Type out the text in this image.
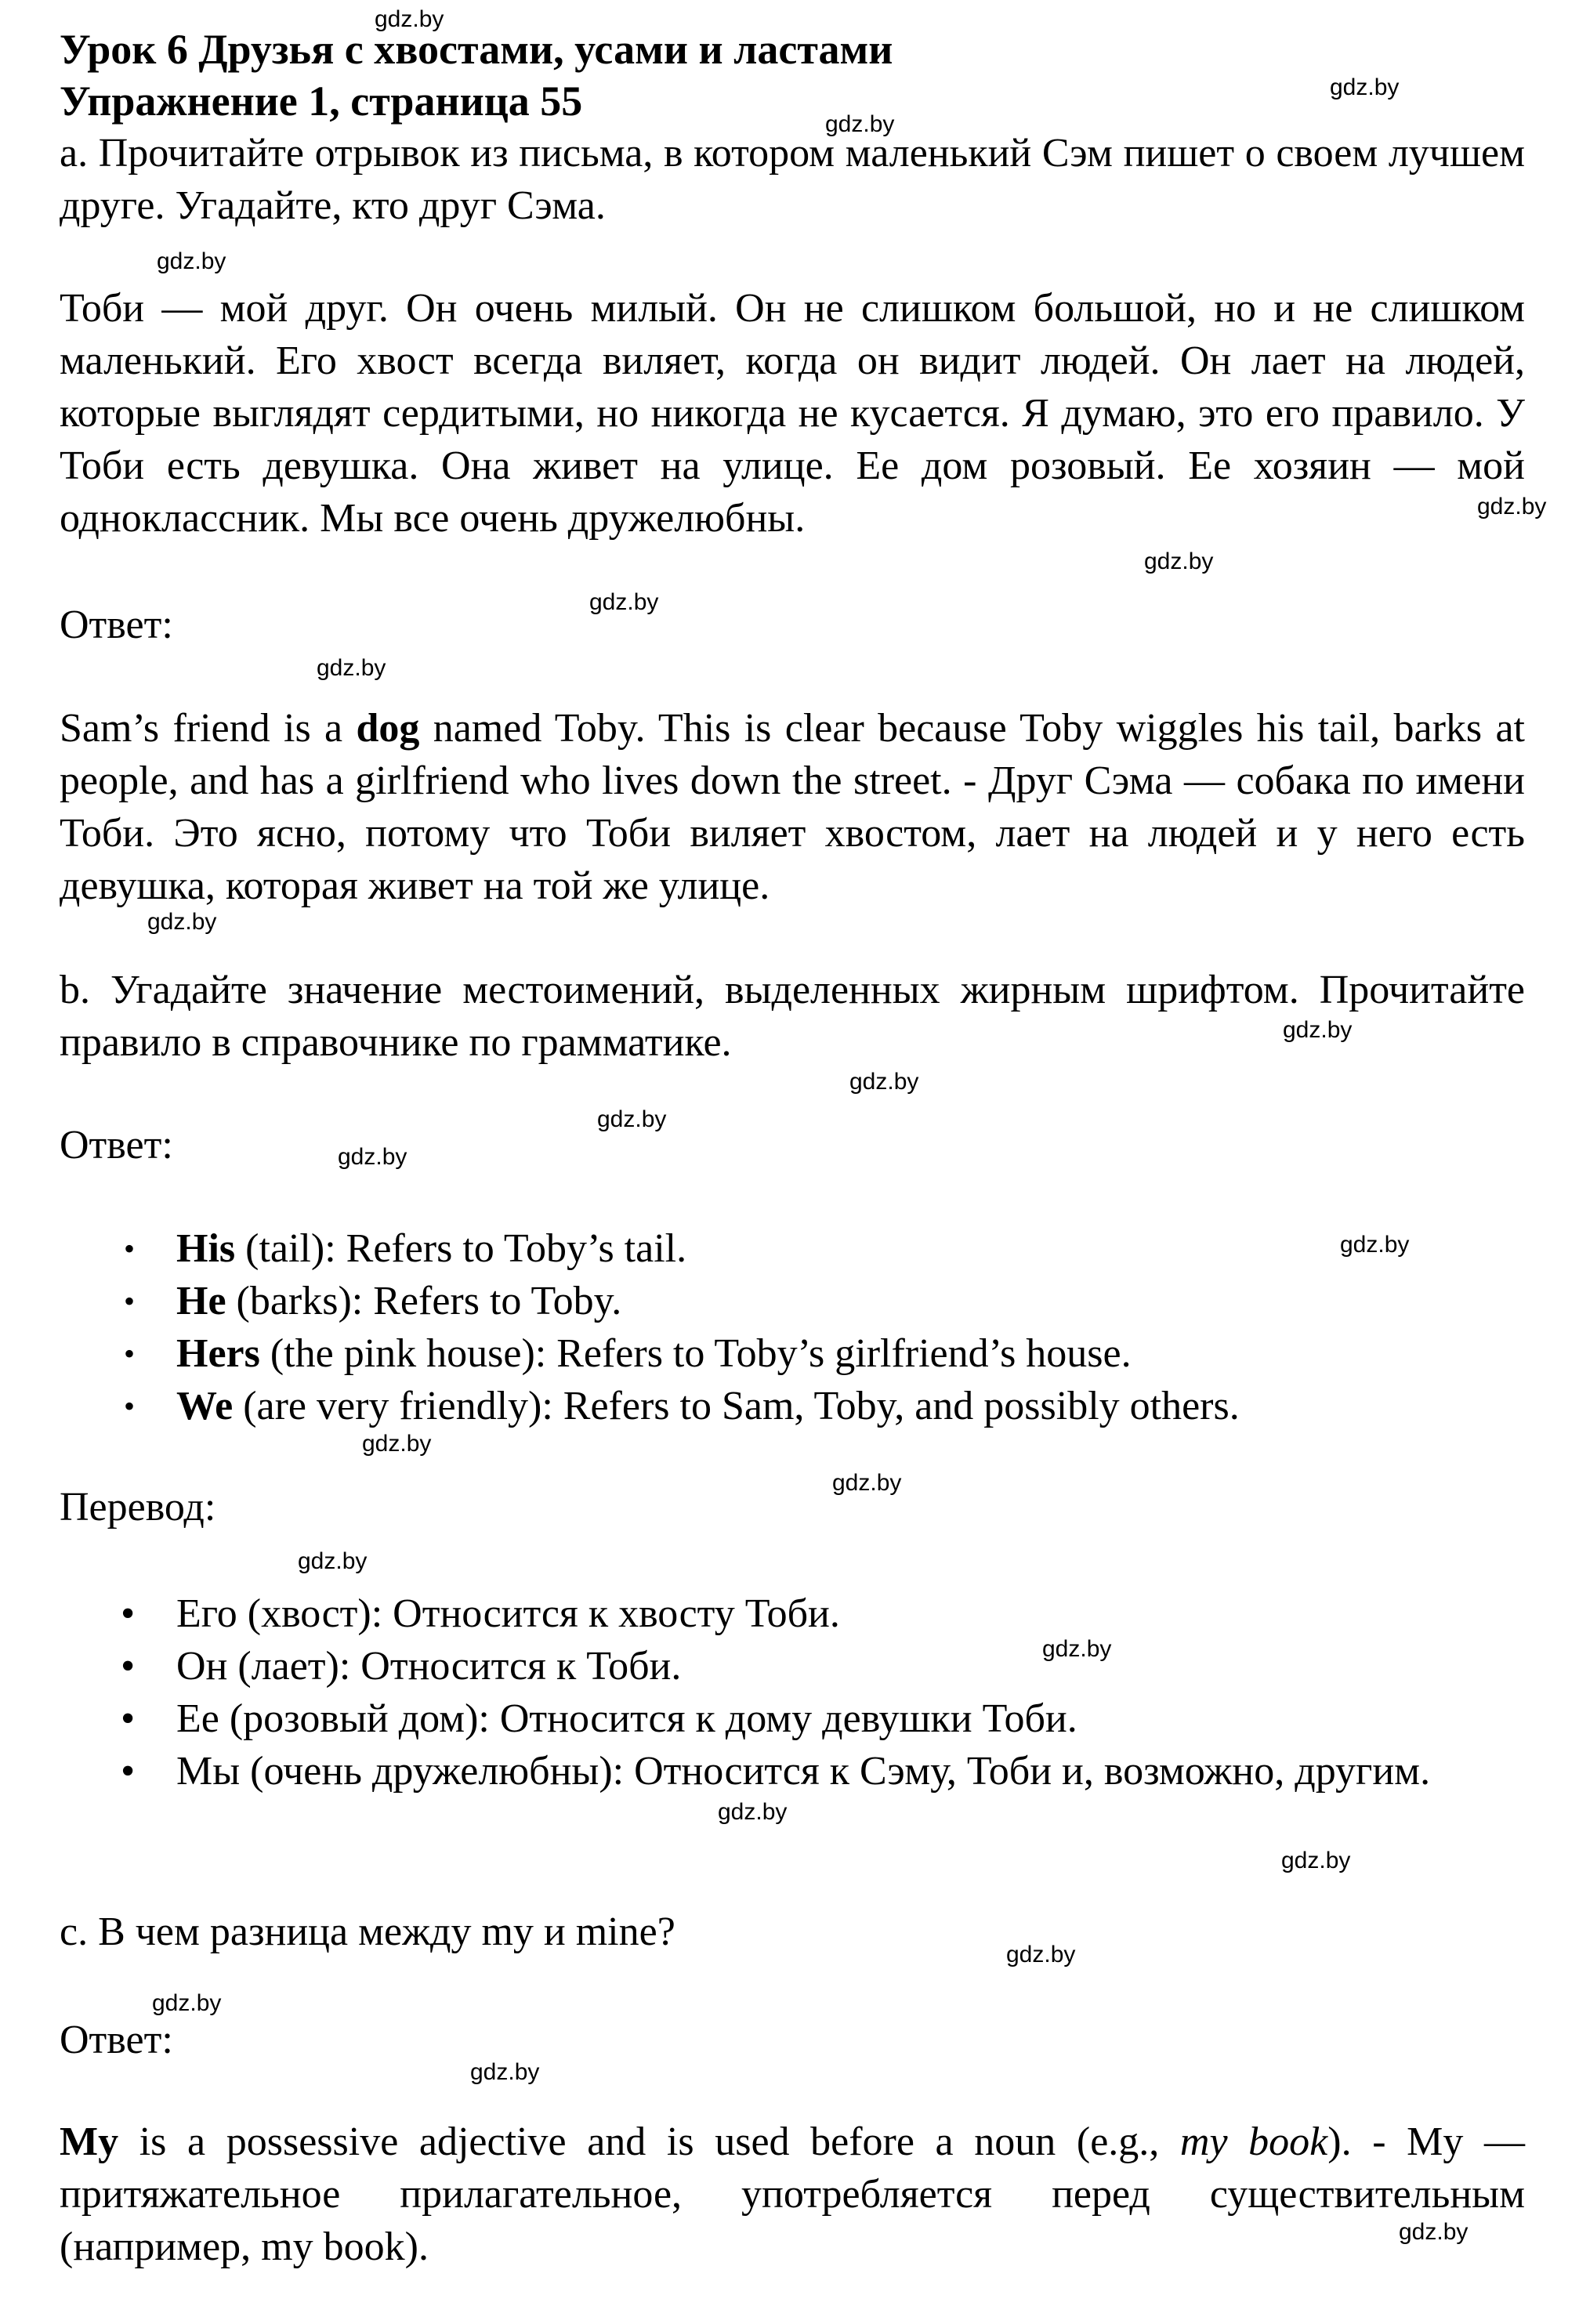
gdz.by
gdz.by
gdz.by
gdz.by
gdz.by
gdz.by
gdz.by
gdz.by
gdz.by
gdz.by
gdz.by
gdz.by
gdz.by
gdz.by
gdz.by
gdz.by
gdz.by
gdz.by
gdz.by
gdz.by
gdz.by
gdz.by
gdz.by
gdz.by
Урок 6 Друзья с хвостами, усами и ластами
Упражнение 1, страница 55

a. Прочитайте отрывок из письма, в котором маленький Сэм пишет о своем лучшем друге. Угадайте, кто друг Сэма.

Тоби — мой друг. Он очень милый. Он не слишком большой, но и не слишком маленький. Его хвост всегда виляет, когда он видит людей. Он лает на людей, которые выглядят сердитыми, но никогда не кусается. Я думаю, это его правило. У Тоби есть девушка. Она живет на улице. Ее дом розовый. Ее хозяин — мой одноклассник. Мы все очень дружелюбны.

Ответ:

Sam’s friend is a dog named Toby. This is clear because Toby wiggles his tail, barks at people, and has a girlfriend who lives down the street. - Друг Сэма — собака по имени Тоби. Это ясно, потому что Тоби виляет хвостом, лает на людей и у него есть девушка, которая живет на той же улице.

b. Угадайте значение местоимений, выделенных жирным шрифтом. Прочитайте правило в справочнике по грамматике.

Ответ:

• His (tail): Refers to Toby’s tail.
• He (barks): Refers to Toby.
• Hers (the pink house): Refers to Toby’s girlfriend’s house.
• We (are very friendly): Refers to Sam, Toby, and possibly others.

Перевод:

• Его (хвост): Относится к хвосту Тоби.
• Он (лает): Относится к Тоби.
• Ее (розовый дом): Относится к дому девушки Тоби.
• Мы (очень дружелюбны): Относится к Сэму, Тоби и, возможно, другим.

c. В чем разница между my и mine?

Ответ:

My is a possessive adjective and is used before a noun (e.g., my book). - My — притяжательное прилагательное, употребляется перед существительным (например, my book).
